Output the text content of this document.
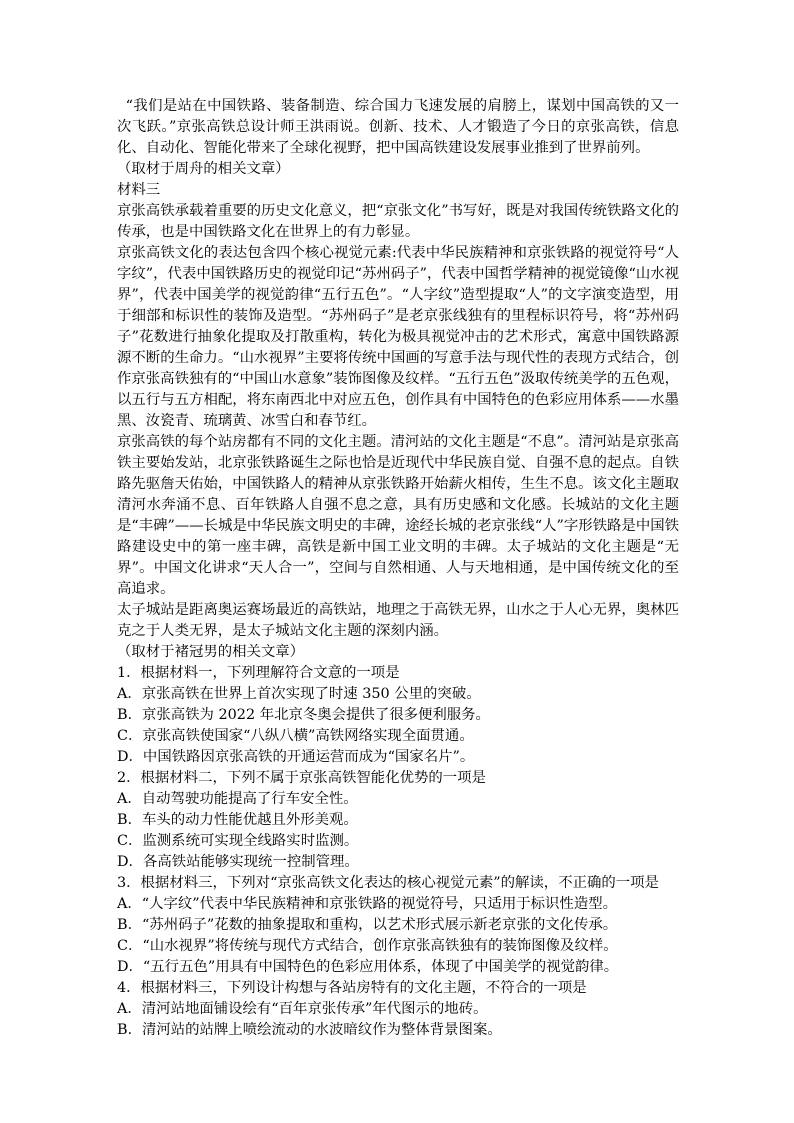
“我们是站在中国铁路、装备制造、综合国力飞速发展的肩膀上，谋划中国高铁的又一次飞跃。”京张高铁总设计师王洪雨说。创新、技术、人才锻造了今日的京张高铁，信息化、自动化、智能化带来了全球化视野，把中国高铁建设发展事业推到了世界前列。

（取材于周舟的相关文章）

材料三

京张高铁承载着重要的历史文化意义，把“京张文化”书写好，既是对我国传统铁路文化的传承，也是中国铁路文化在世界上的有力彰显。

京张高铁文化的表达包含四个核心视觉元素:代表中华民族精神和京张铁路的视觉符号“人字纹”，代表中国铁路历史的视觉印记“苏州码子”，代表中国哲学精神的视觉镜像“山水视界”，代表中国美学的视觉韵律“五行五色”。“人字纹”造型提取“人”的文字演变造型，用于细部和标识性的装饰及造型。“苏州码子”是老京张线独有的里程标识符号，将“苏州码子”花数进行抽象化提取及打散重构，转化为极具视觉冲击的艺术形式，寓意中国铁路源源不断的生命力。“山水视界”主要将传统中国画的写意手法与现代性的表现方式结合，创作京张高铁独有的“中国山水意象”装饰图像及纹样。“五行五色”汲取传统美学的五色观，以五行与五方相配，将东南西北中对应五色，创作具有中国特色的色彩应用体系——水墨黑、汝瓷青、琉璃黄、冰雪白和春节红。

京张高铁的每个站房都有不同的文化主题。清河站的文化主题是“不息”。清河站是京张高铁主要始发站，北京张铁路诞生之际也恰是近现代中华民族自觉、自强不息的起点。自铁路先驱詹天佑始，中国铁路人的精神从京张铁路开始薪火相传，生生不息。该文化主题取清河水奔涌不息、百年铁路人自强不息之意，具有历史感和文化感。长城站的文化主题是“丰碑”——长城是中华民族文明史的丰碑，途经长城的老京张线“人”字形铁路是中国铁路建设史中的第一座丰碑，高铁是新中国工业文明的丰碑。太子城站的文化主题是“无界”。中国文化讲求“天人合一”，空间与自然相通、人与天地相通，是中国传统文化的至高追求。

太子城站是距离奥运赛场最近的高铁站，地理之于高铁无界，山水之于人心无界，奥林匹克之于人类无界，是太子城站文化主题的深刻内涵。

（取材于褚冠男的相关文章）

1．根据材料一，下列理解符合文意的一项是

A．京张高铁在世界上首次实现了时速 350 公里的突破。

B．京张高铁为 2022 年北京冬奥会提供了很多便利服务。

C．京张高铁使国家“八纵八横”高铁网络实现全面贯通。

D．中国铁路因京张高铁的开通运营而成为“国家名片”。

2．根据材料二，下列不属于京张高铁智能化优势的一项是

A．自动驾驶功能提高了行车安全性。

B．车头的动力性能优越且外形美观。

C．监测系统可实现全线路实时监测。

D．各高铁站能够实现统一控制管理。

3．根据材料三，下列对“京张高铁文化表达的核心视觉元素”的解读，不正确的一项是

A．“人字纹”代表中华民族精神和京张铁路的视觉符号，只适用于标识性造型。

B．“苏州码子”花数的抽象提取和重构，以艺术形式展示新老京张的文化传承。

C．“山水视界”将传统与现代方式结合，创作京张高铁独有的装饰图像及纹样。

D．“五行五色”用具有中国特色的色彩应用体系，体现了中国美学的视觉韵律。

4．根据材料三，下列设计构想与各站房特有的文化主题，不符合的一项是

A．清河站地面铺设绘有“百年京张传承”年代图示的地砖。

B．清河站的站牌上喷绘流动的水波暗纹作为整体背景图案。
